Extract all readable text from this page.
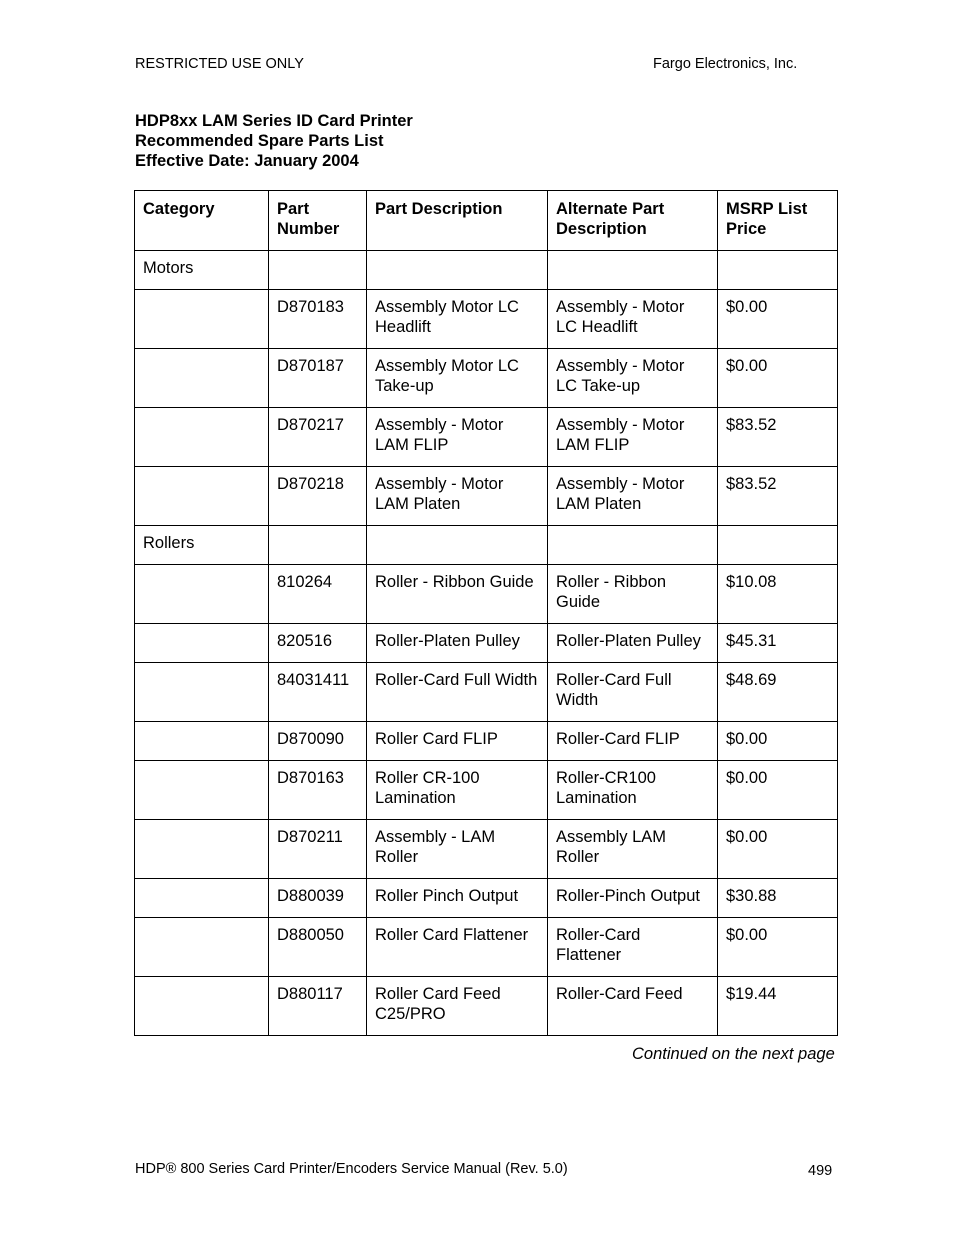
RESTRICTED USE ONLY	Fargo Electronics, Inc.
HDP8xx LAM Series ID Card Printer
Recommended Spare Parts List
Effective Date: January 2004
Category	Part Number	Part Description	Alternate Part Description	MSRP List Price
Motors				
	D870183	Assembly Motor LC Headlift	Assembly - Motor LC Headlift	$0.00
	D870187	Assembly Motor LC Take-up	Assembly - Motor LC Take-up	$0.00
	D870217	Assembly - Motor LAM FLIP	Assembly - Motor LAM FLIP	$83.52
	D870218	Assembly - Motor LAM Platen	Assembly - Motor LAM Platen	$83.52
Rollers				
	810264	Roller - Ribbon Guide	Roller - Ribbon Guide	$10.08
	820516	Roller-Platen Pulley	Roller-Platen Pulley	$45.31
	84031411	Roller-Card Full Width	Roller-Card Full Width	$48.69
	D870090	Roller Card FLIP	Roller-Card FLIP	$0.00
	D870163	Roller CR-100 Lamination	Roller-CR100 Lamination	$0.00
	D870211	Assembly - LAM Roller	Assembly LAM Roller	$0.00
	D880039	Roller Pinch Output	Roller-Pinch Output	$30.88
	D880050	Roller Card Flattener	Roller-Card Flattener	$0.00
	D880117	Roller Card Feed C25/PRO	Roller-Card Feed	$19.44
Continued on the next page
HDP® 800 Series Card Printer/Encoders Service Manual (Rev. 5.0)	499
